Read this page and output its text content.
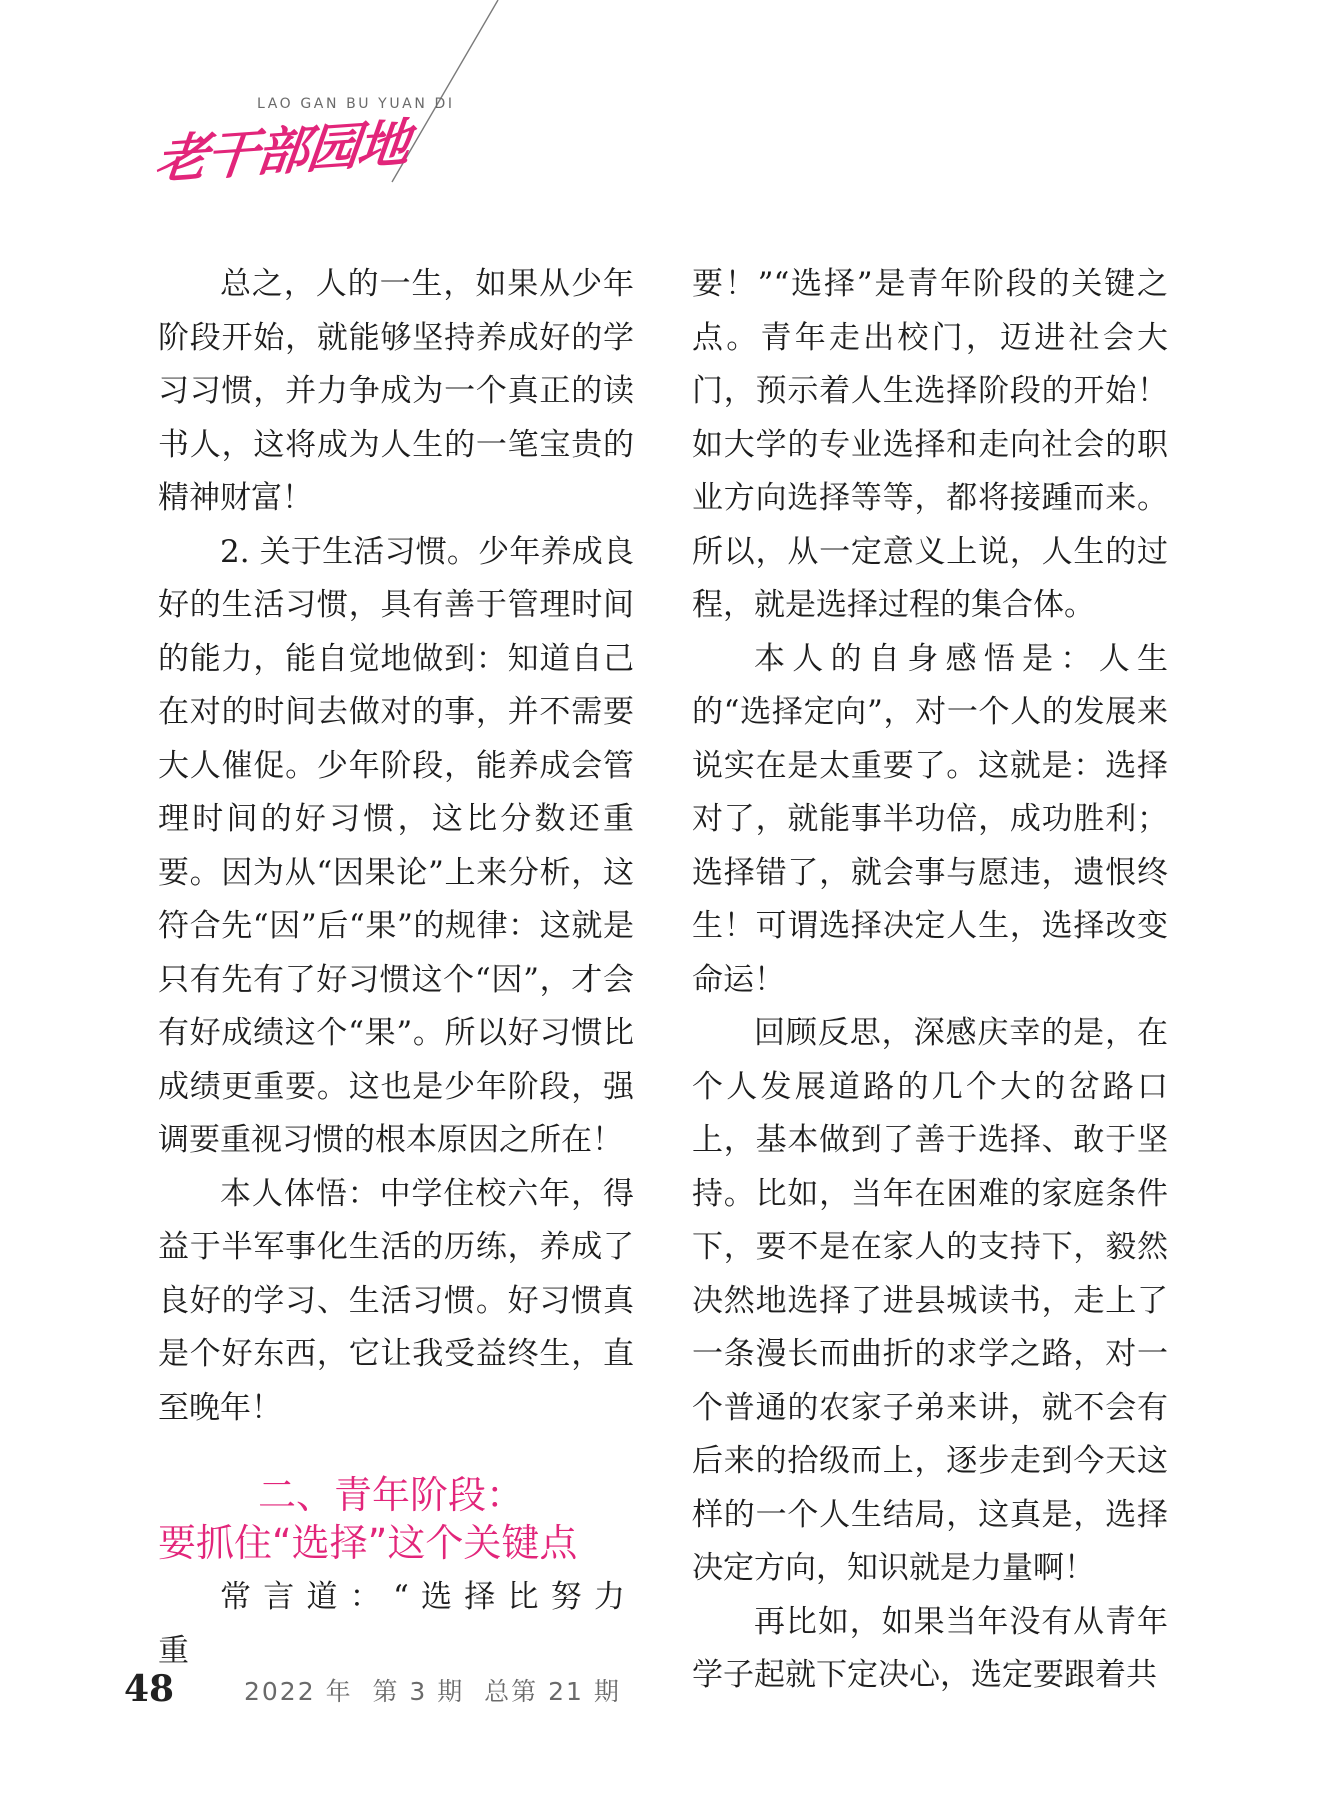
LAO GAN BU YUAN DI
老干部园地

总之，人的一生，如果从少年阶段开始，就能够坚持养成好的学习习惯，并力争成为一个真正的读书人，这将成为人生的一笔宝贵的精神财富！

2. 关于生活习惯。少年养成良好的生活习惯，具有善于管理时间的能力，能自觉地做到：知道自己在对的时间去做对的事，并不需要大人催促。少年阶段，能养成会管理时间的好习惯，这比分数还重要。因为从“因果论”上来分析，这符合先“因”后“果”的规律：这就是只有先有了好习惯这个“因”，才会有好成绩这个“果”。所以好习惯比成绩更重要。这也是少年阶段，强调要重视习惯的根本原因之所在！

本人体悟：中学住校六年，得益于半军事化生活的历练，养成了良好的学习、生活习惯。好习惯真是个好东西，它让我受益终生，直至晚年！

二、青年阶段：
要抓住“选择”这个关键点

常言道：“选择比努力重

要！”“选择”是青年阶段的关键之点。青年走出校门，迈进社会大门，预示着人生选择阶段的开始！如大学的专业选择和走向社会的职业方向选择等等，都将接踵而来。所以，从一定意义上说，人生的过程，就是选择过程的集合体。

本人的自身感悟是：人生的“选择定向”，对一个人的发展来说实在是太重要了。这就是：选择对了，就能事半功倍，成功胜利；选择错了，就会事与愿违，遗恨终生！可谓选择决定人生，选择改变命运！

回顾反思，深感庆幸的是，在个人发展道路的几个大的岔路口上，基本做到了善于选择、敢于坚持。比如，当年在困难的家庭条件下，要不是在家人的支持下，毅然决然地选择了进县城读书，走上了一条漫长而曲折的求学之路，对一个普通的农家子弟来讲，就不会有后来的拾级而上，逐步走到今天这样的一个人生结局，这真是，选择决定方向，知识就是力量啊！

再比如，如果当年没有从青年学子起就下定决心，选定要跟着共

48	2022 年  第 3 期  总第 21 期
